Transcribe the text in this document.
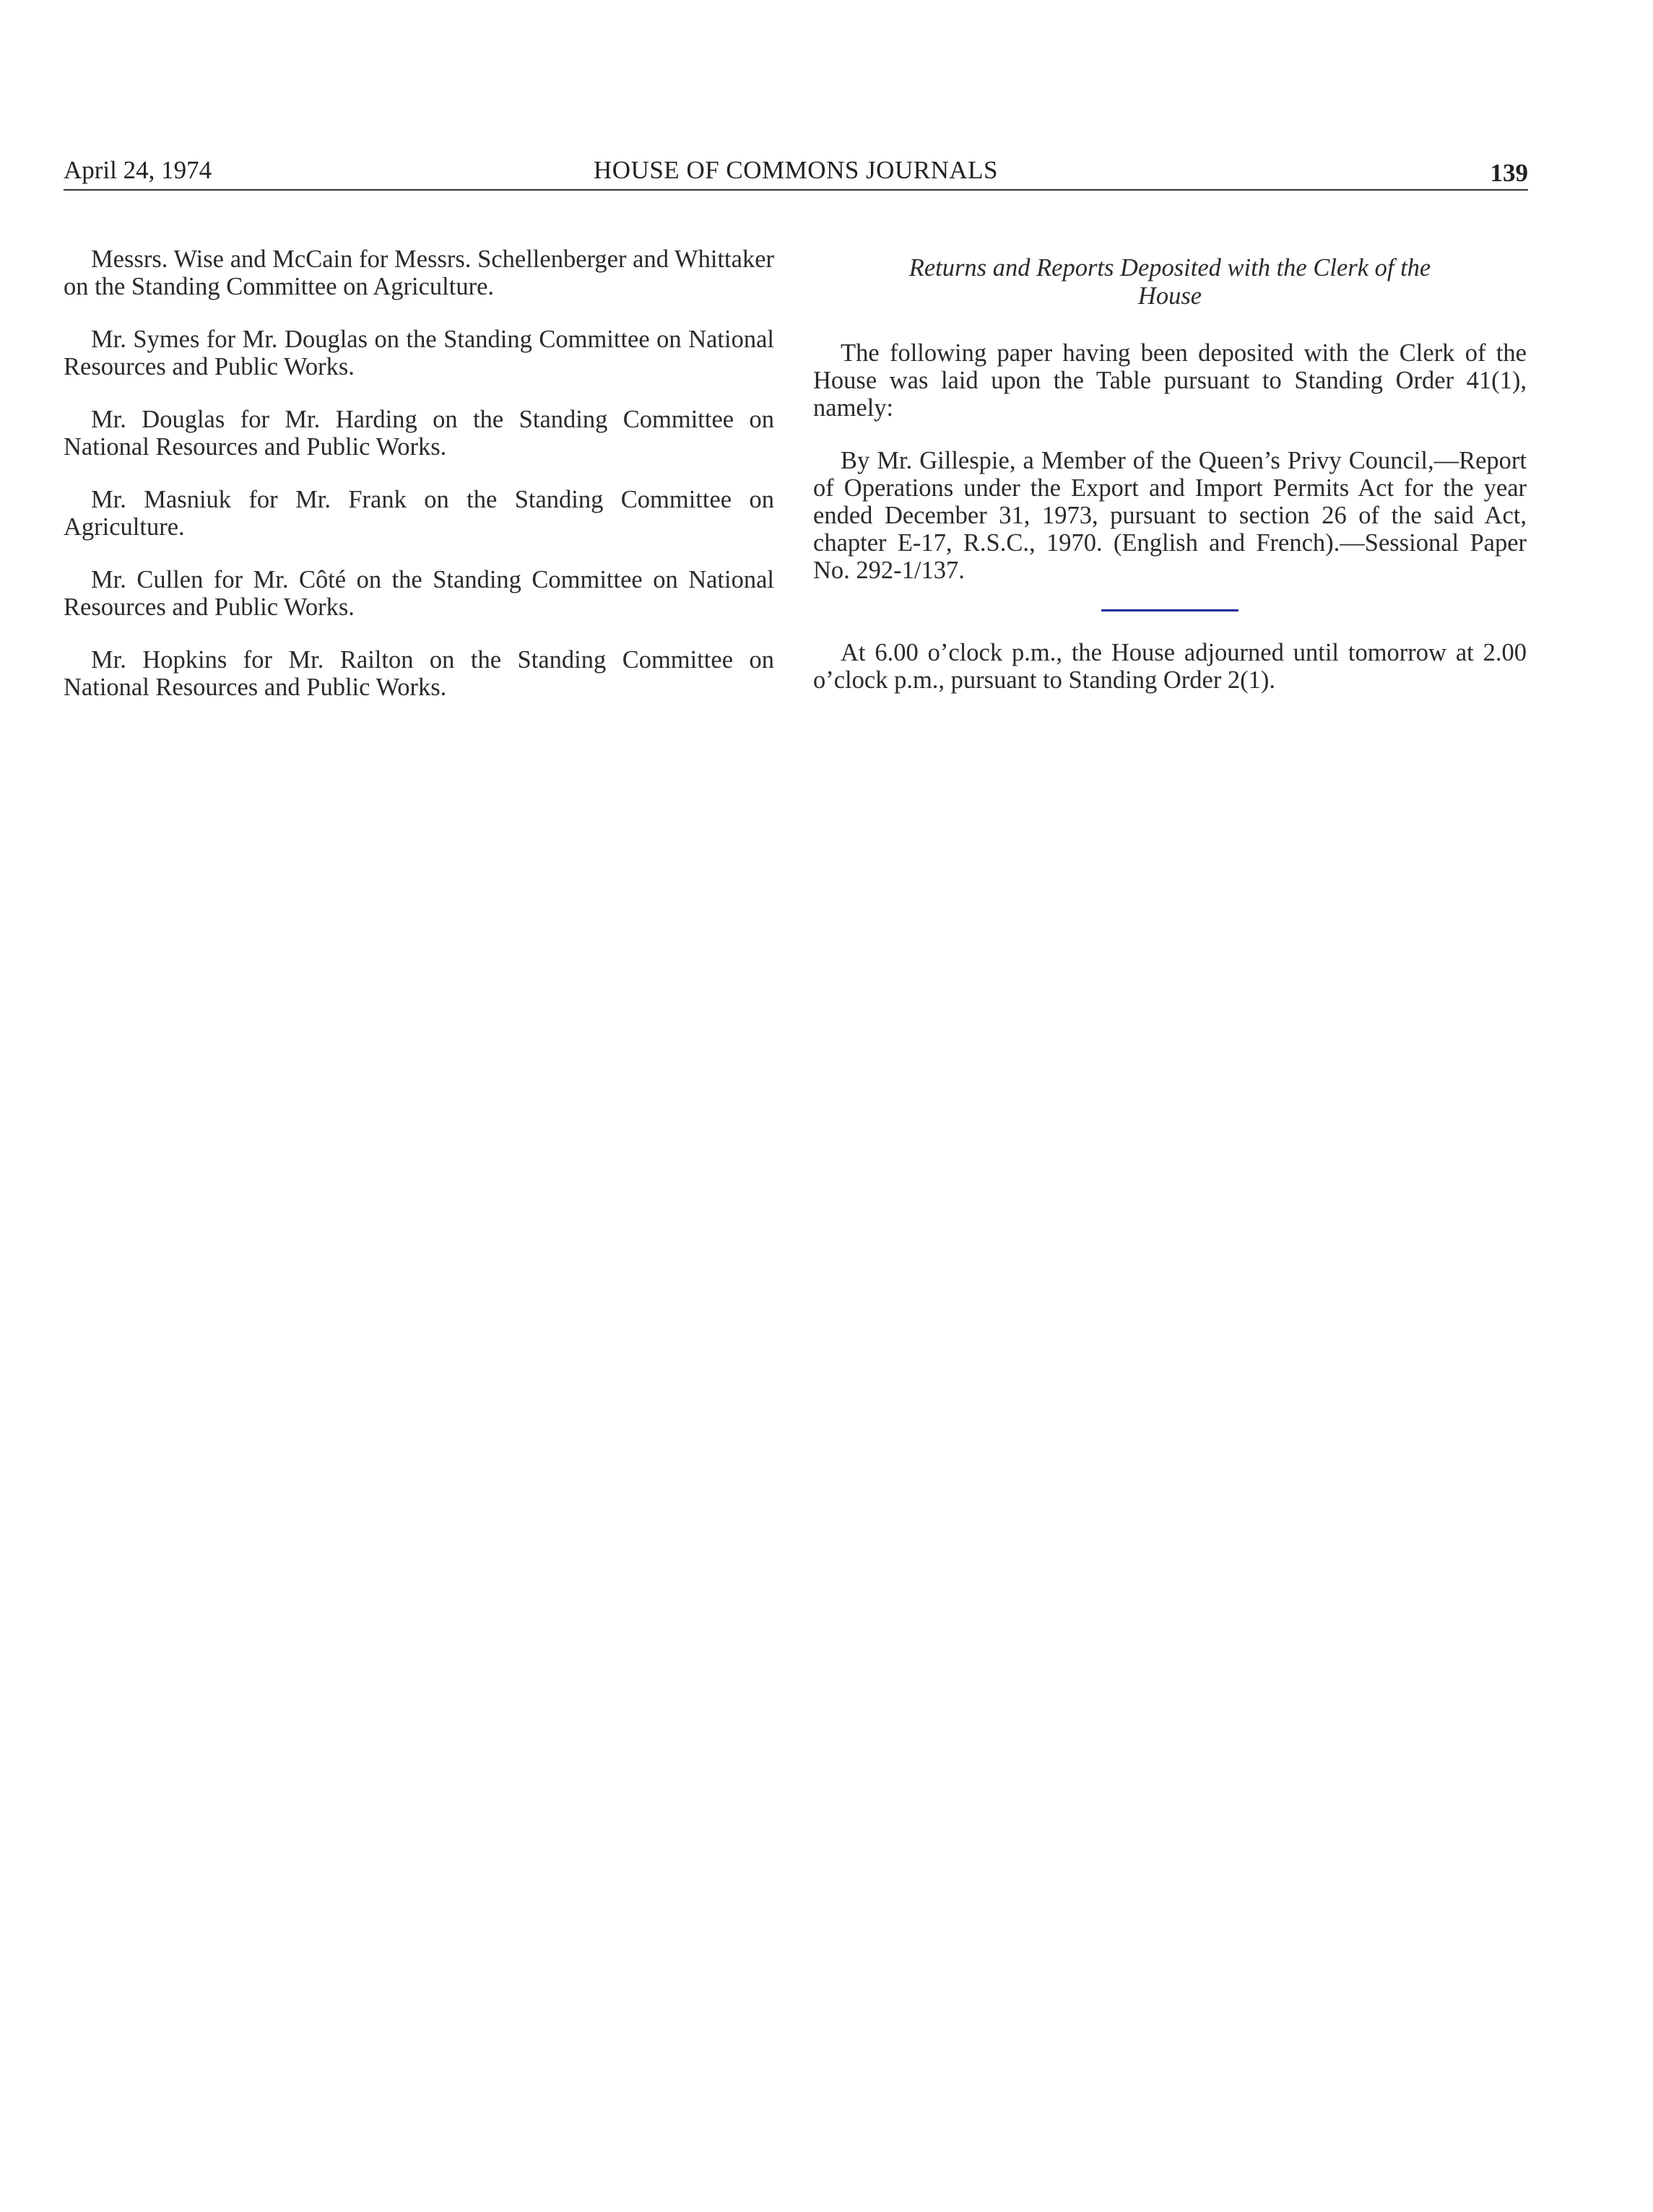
April 24, 1974	HOUSE OF COMMONS JOURNALS	139

Messrs. Wise and McCain for Messrs. Schellenberger and Whittaker on the Standing Committee on Agriculture.

Mr. Symes for Mr. Douglas on the Standing Committee on National Resources and Public Works.

Mr. Douglas for Mr. Harding on the Standing Committee on National Resources and Public Works.

Mr. Masniuk for Mr. Frank on the Standing Committee on Agriculture.

Mr. Cullen for Mr. Côté on the Standing Committee on National Resources and Public Works.

Mr. Hopkins for Mr. Railton on the Standing Committee on National Resources and Public Works.

Returns and Reports Deposited with the Clerk of the House

The following paper having been deposited with the Clerk of the House was laid upon the Table pursuant to Standing Order 41(1), namely:

By Mr. Gillespie, a Member of the Queen’s Privy Council,—Report of Operations under the Export and Import Permits Act for the year ended December 31, 1973, pursuant to section 26 of the said Act, chapter E-17, R.S.C., 1970. (English and French).—Sessional Paper No. 292-1/137.

At 6.00 o’clock p.m., the House adjourned until tomorrow at 2.00 o’clock p.m., pursuant to Standing Order 2(1).
